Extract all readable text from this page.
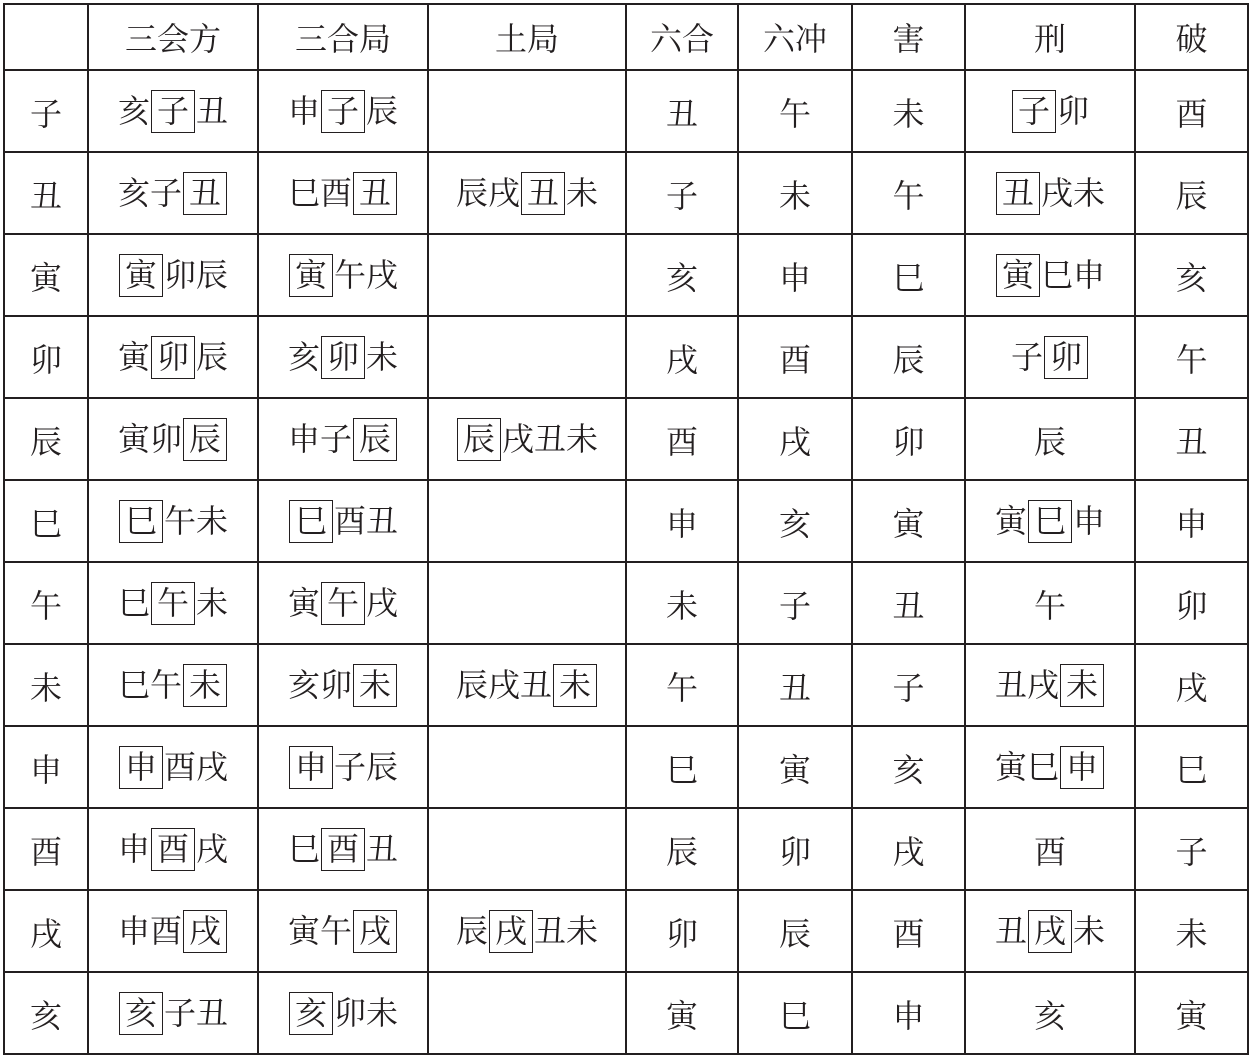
	三会方	三合局	土局	六合	六冲	害	刑	破
子	亥 子 丑	申 子 辰		丑	午	未	子 卯	酉
丑	亥子 丑	巳酉 丑	辰戌 丑 未	子	未	午	丑 戌未	辰
寅	寅 卯辰	寅 午戌		亥	申	巳	寅 巳申	亥
卯	寅 卯 辰	亥 卯 未		戌	酉	辰	子 卯	午
辰	寅卯 辰	申子 辰	辰 戌丑未	酉	戌	卯	辰	丑
巳	巳 午未	巳 酉丑		申	亥	寅	寅 巳 申	申
午	巳 午 未	寅 午 戌		未	子	丑	午	卯
未	巳午 未	亥卯 未	辰戌丑 未	午	丑	子	丑戌 未	戌
申	申 酉戌	申 子辰		巳	寅	亥	寅巳 申	巳
酉	申 酉 戌	巳 酉 丑		辰	卯	戌	酉	子
戌	申酉 戌	寅午 戌	辰 戌 丑未	卯	辰	酉	丑 戌 未	未
亥	亥 子丑	亥 卯未		寅	巳	申	亥	寅
